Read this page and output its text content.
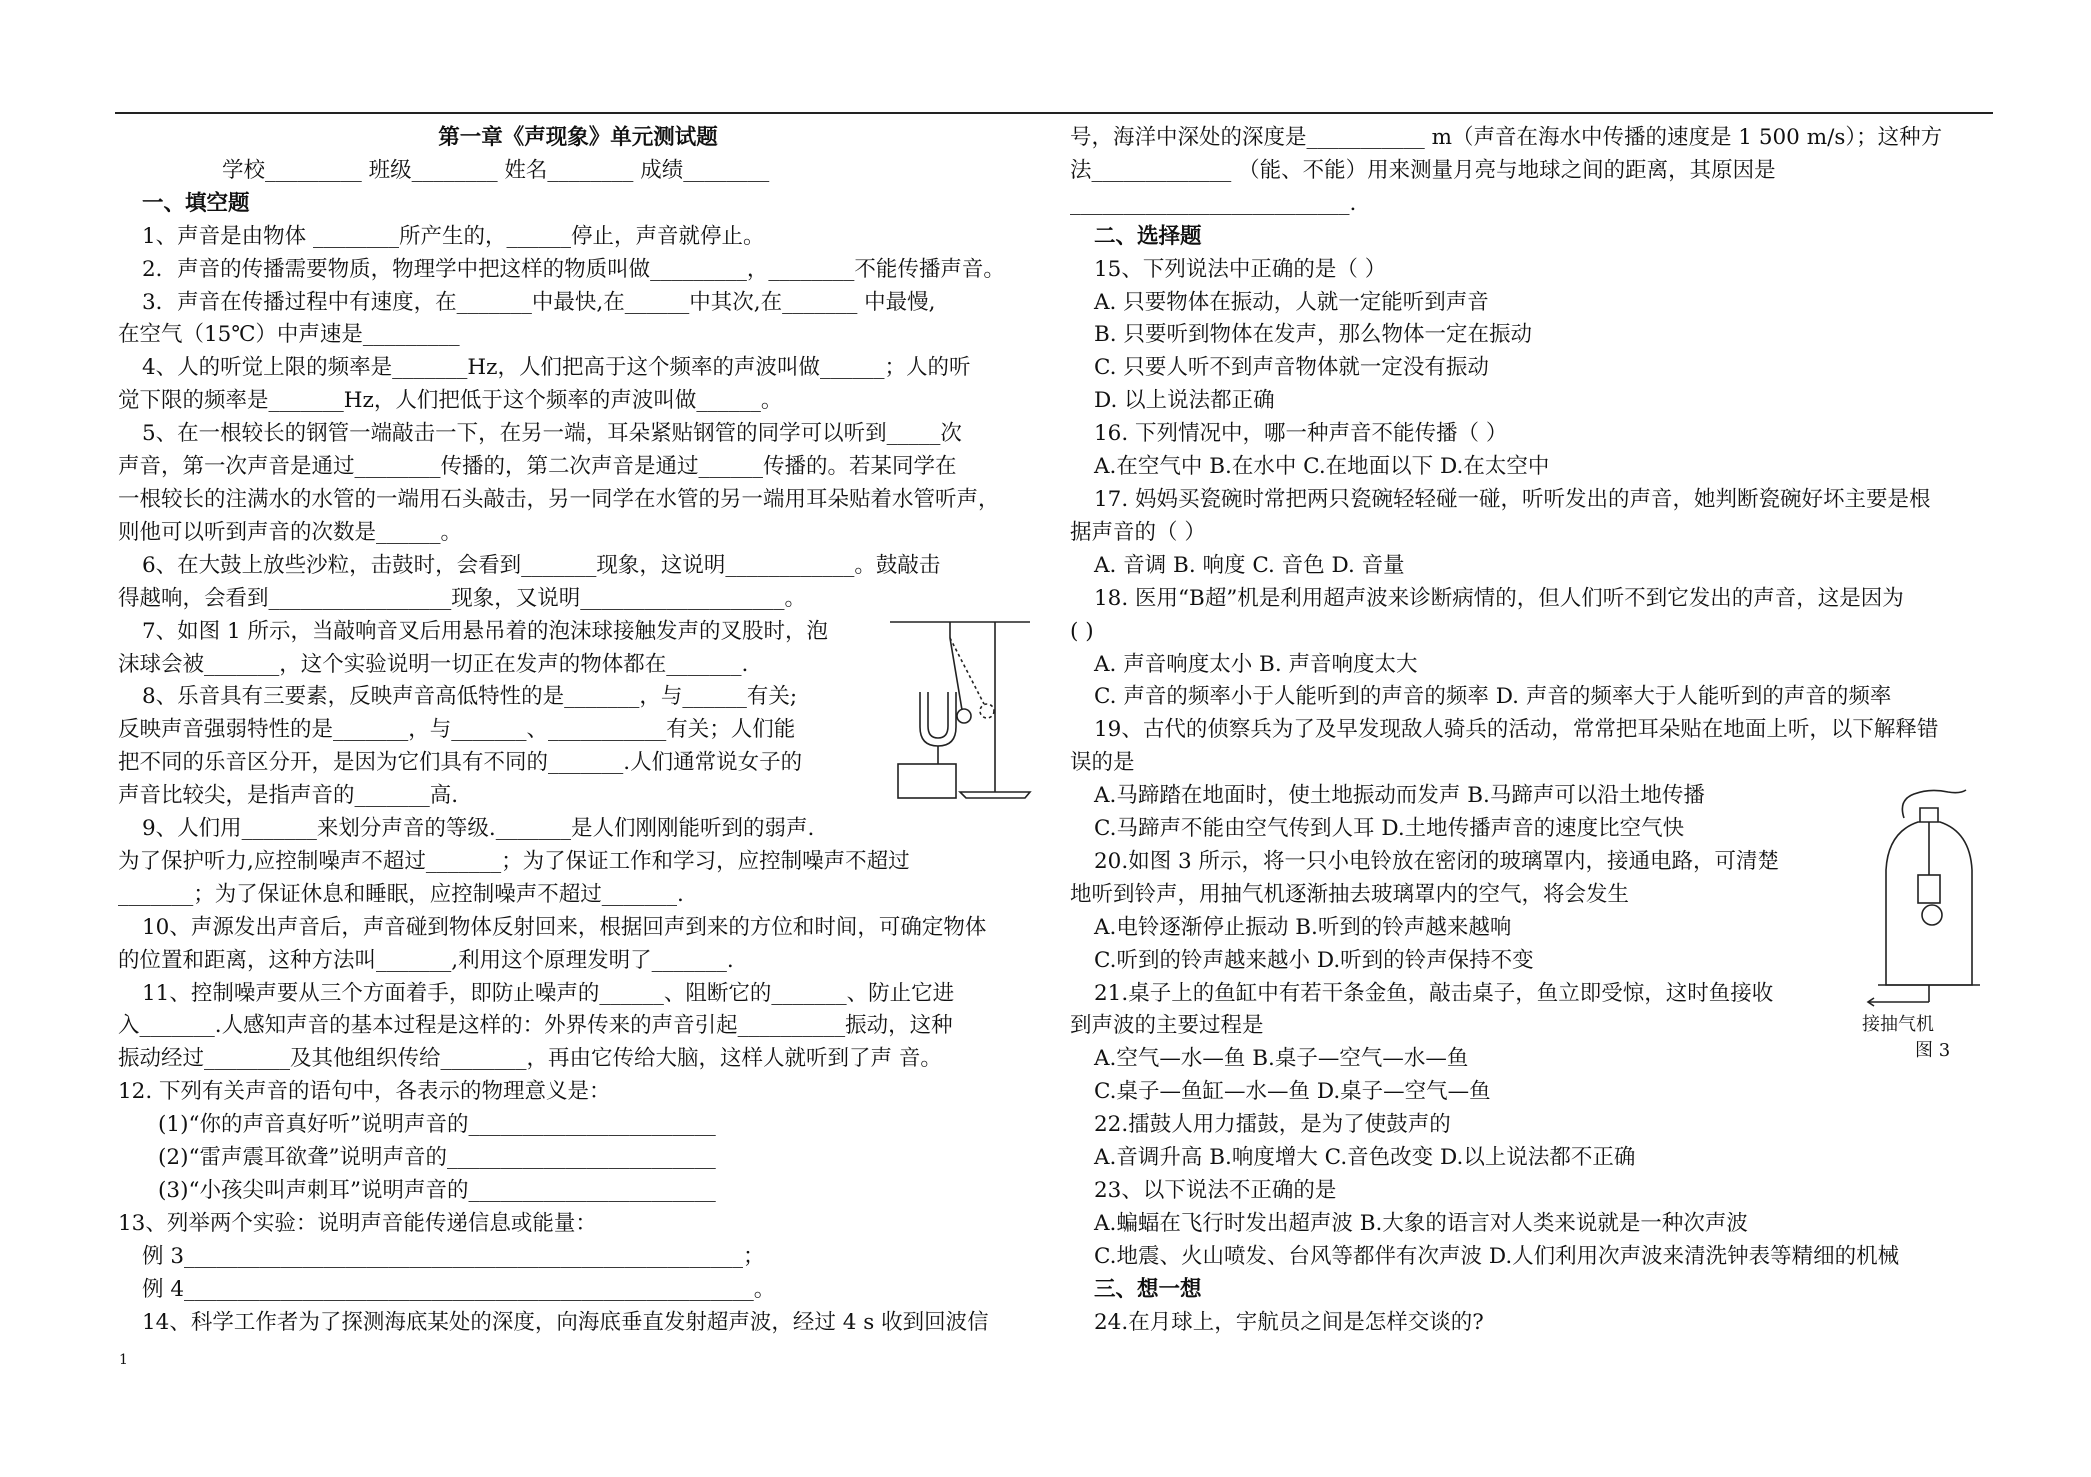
第一章《声现象》单元测试题

学校_________ 班级________ 姓名________ 成绩________

一、填空题

1、声音是由物体 ________所产生的，______停止，声音就停止。

2．声音的传播需要物质，物理学中把这样的物质叫做_________，________不能传播声音。

3．声音在传播过程中有速度，在_______中最快,在______中其次,在_______ 中最慢,

在空气（15℃）中声速是_________

4、人的听觉上限的频率是_______Hz，人们把高于这个频率的声波叫做______；人的听

觉下限的频率是_______Hz，人们把低于这个频率的声波叫做______。

5、在一根较长的钢管一端敲击一下，在另一端，耳朵紧贴钢管的同学可以听到_____次

声音，第一次声音是通过________传播的，第二次声音是通过______传播的。若某同学在

一根较长的注满水的水管的一端用石头敲击，另一同学在水管的另一端用耳朵贴着水管听声，

则他可以听到声音的次数是______。

6、在大鼓上放些沙粒，击鼓时，会看到_______现象，这说明____________。鼓敲击

得越响，会看到_________________现象，又说明___________________。

7、如图 1 所示，当敲响音叉后用悬吊着的泡沫球接触发声的叉股时，泡

沫球会被_______，这个实验说明一切正在发声的物体都在_______.

8、乐音具有三要素，反映声音高低特性的是_______，与______有关;

反映声音强弱特性的是_______，与_______、___________有关；人们能

把不同的乐音区分开，是因为它们具有不同的_______.人们通常说女子的

声音比较尖，是指声音的_______高.

9、人们用_______来划分声音的等级._______是人们刚刚能听到的弱声.

为了保护听力,应控制噪声不超过_______；为了保证工作和学习，应控制噪声不超过

_______；为了保证休息和睡眠，应控制噪声不超过_______.

10、声源发出声音后，声音碰到物体反射回来，根据回声到来的方位和时间，可确定物体

的位置和距离，这种方法叫_______,利用这个原理发明了_______.

11、控制噪声要从三个方面着手，即防止噪声的______、阻断它的_______、防止它进

入_______.人感知声音的基本过程是这样的：外界传来的声音引起__________振动，这种

振动经过________及其他组织传给________，再由它传给大脑，这样人就听到了声 音。

12. 下列有关声音的语句中，各表示的物理意义是：

(1)“你的声音真好听”说明声音的_______________________

(2)“雷声震耳欲聋”说明声音的_________________________

(3)“小孩尖叫声刺耳”说明声音的_______________________

13、列举两个实验：说明声音能传递信息或能量：

例 3____________________________________________________；

例 4_____________________________________________________。

14、科学工作者为了探测海底某处的深度，向海底垂直发射超声波，经过 4 s 收到回波信

号，海洋中深处的深度是___________ m（声音在海水中传播的速度是 1 500 m/s）；这种方

法_____________ （能、不能）用来测量月亮与地球之间的距离，其原因是

__________________________.

二、选择题

15、下列说法中正确的是（ ）

A. 只要物体在振动，人就一定能听到声音

B. 只要听到物体在发声，那么物体一定在振动

C. 只要人听不到声音物体就一定没有振动

D. 以上说法都正确

16. 下列情况中，哪一种声音不能传播（ ）

A.在空气中 B.在水中 C.在地面以下 D.在太空中

17. 妈妈买瓷碗时常把两只瓷碗轻轻碰一碰，听听发出的声音，她判断瓷碗好坏主要是根

据声音的（ ）

A. 音调 B. 响度 C. 音色 D. 音量

18. 医用“B超”机是利用超声波来诊断病情的，但人们听不到它发出的声音，这是因为

( )

A. 声音响度太小 B. 声音响度太大

C. 声音的频率小于人能听到的声音的频率 D. 声音的频率大于人能听到的声音的频率

19、古代的侦察兵为了及早发现敌人骑兵的活动，常常把耳朵贴在地面上听，以下解释错

误的是

A.马蹄踏在地面时，使土地振动而发声 B.马蹄声可以沿土地传播

C.马蹄声不能由空气传到人耳 D.土地传播声音的速度比空气快

20.如图 3 所示，将一只小电铃放在密闭的玻璃罩内，接通电路，可清楚

地听到铃声，用抽气机逐渐抽去玻璃罩内的空气，将会发生

A.电铃逐渐停止振动 B.听到的铃声越来越响

C.听到的铃声越来越小 D.听到的铃声保持不变

21.桌子上的鱼缸中有若干条金鱼，敲击桌子，鱼立即受惊，这时鱼接收

到声波的主要过程是

A.空气—水—鱼 B.桌子—空气—水—鱼

C.桌子—鱼缸—水—鱼 D.桌子—空气—鱼

22.擂鼓人用力擂鼓，是为了使鼓声的

A.音调升高 B.响度增大 C.音色改变 D.以上说法都不正确

23、以下说法不正确的是

A.蝙蝠在飞行时发出超声波 B.大象的语言对人类来说就是一种次声波

C.地震、火山喷发、台风等都伴有次声波 D.人们利用次声波来清洗钟表等精细的机械

三、想一想

24.在月球上，宇航员之间是怎样交谈的?

接抽气机
图 3
1
